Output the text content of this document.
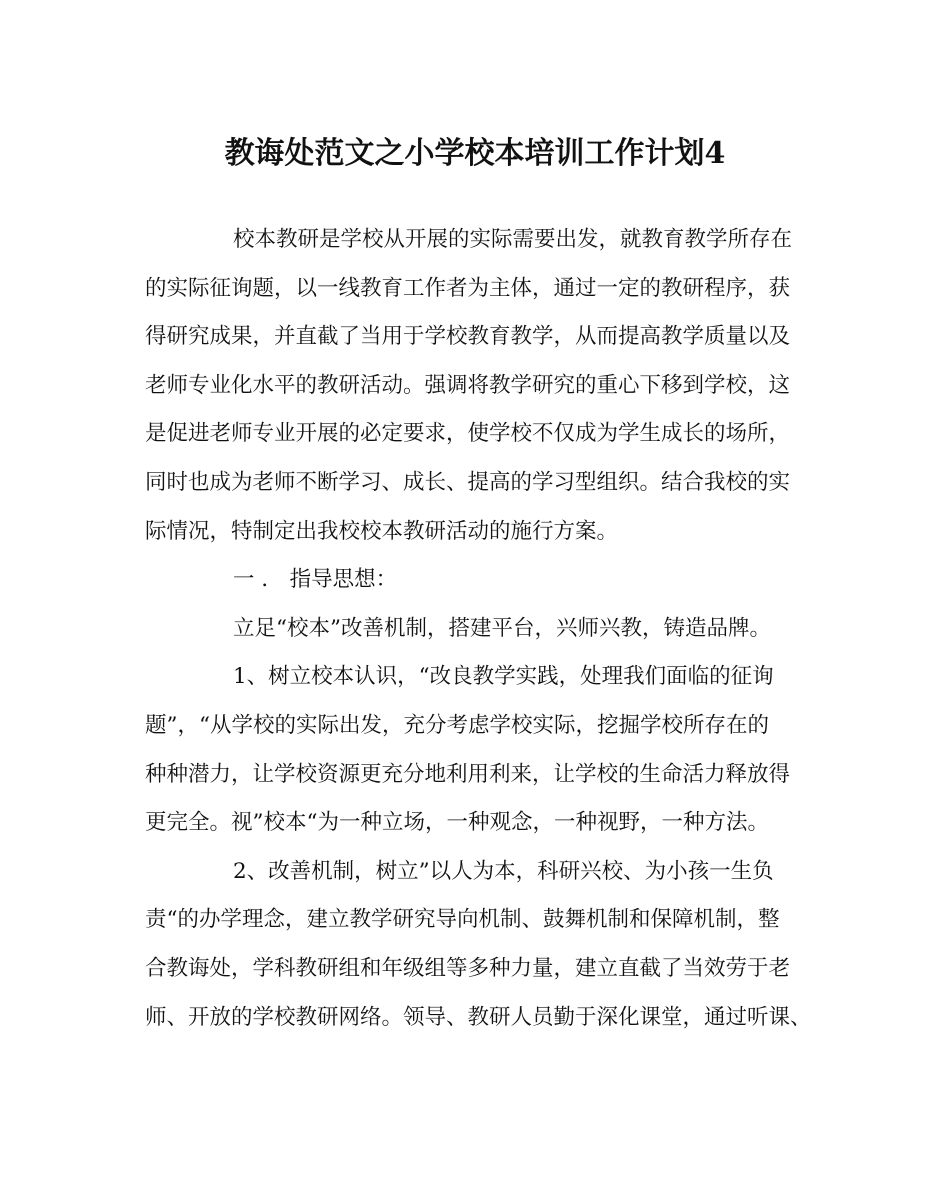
教诲处范文之小学校本培训工作计划4
校本教研是学校从开展的实际需要出发，就教育教学所存在
的实际征询题，以一线教育工作者为主体，通过一定的教研程序，获
得研究成果，并直截了当用于学校教育教学，从而提高教学质量以及
老师专业化水平的教研活动。强调将教学研究的重心下移到学校，这
是促进老师专业开展的必定要求，使学校不仅成为学生成长的场所，
同时也成为老师不断学习、成长、提高的学习型组织。结合我校的实
际情况，特制定出我校校本教研活动的施行方案。
一 ． 指导思想：
立足“校本”改善机制，搭建平台，兴师兴教，铸造品牌。
1、树立校本认识，“改良教学实践，处理我们面临的征询
题”，“从学校的实际出发，充分考虑学校实际，挖掘学校所存在的
种种潜力，让学校资源更充分地利用利来，让学校的生命活力释放得
更完全。视”校本“为一种立场，一种观念，一种视野，一种方法。
2、改善机制，树立”以人为本，科研兴校、为小孩一生负
责“的办学理念，建立教学研究导向机制、鼓舞机制和保障机制，整
合教诲处，学科教研组和年级组等多种力量，建立直截了当效劳于老
师、开放的学校教研网络。领导、教研人员勤于深化课堂，通过听课、
